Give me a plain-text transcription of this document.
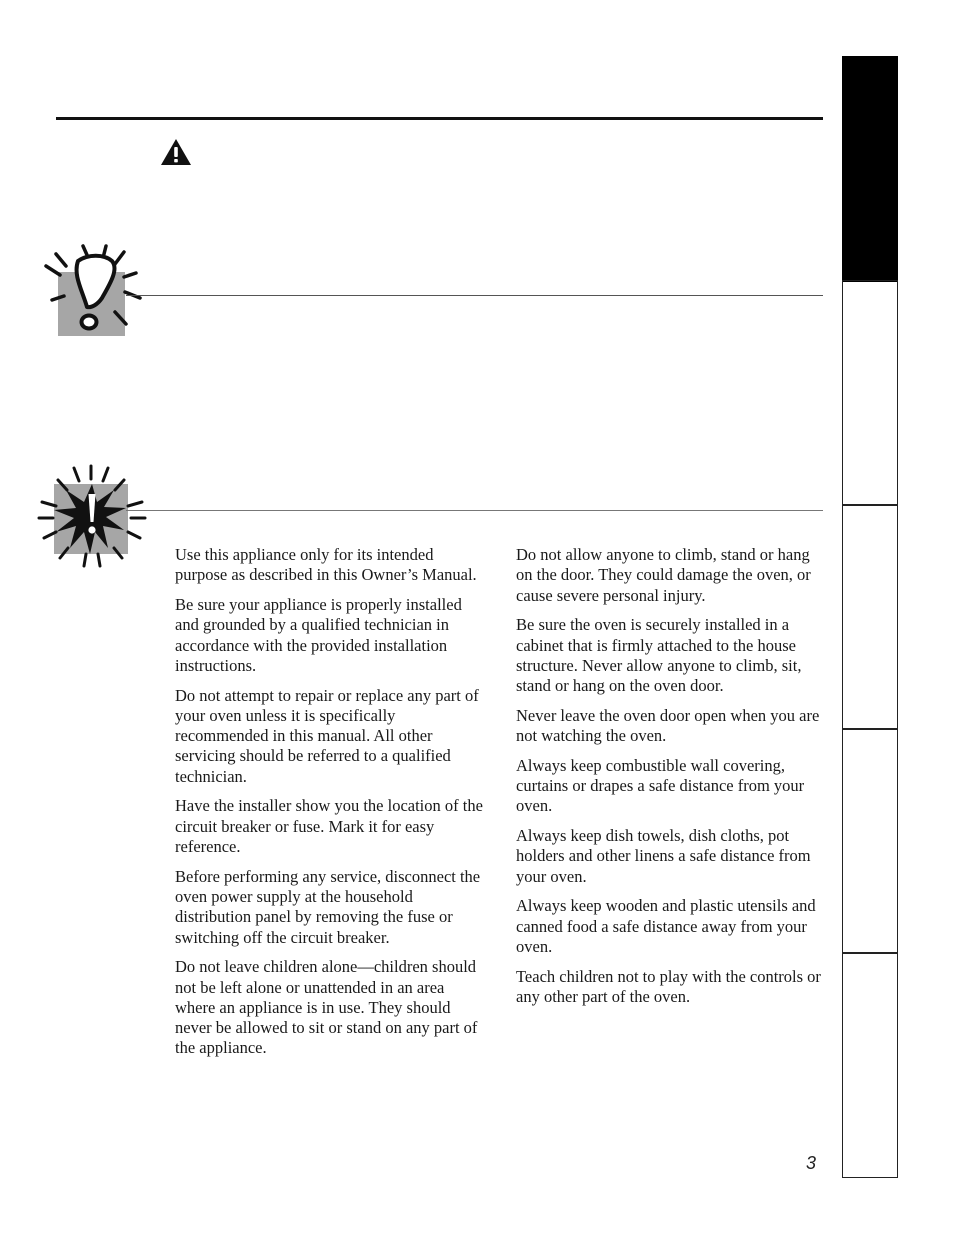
Use this appliance only for its intended purpose as described in this Owner’s Manual.

Be sure your appliance is properly installed and grounded by a qualified technician in accordance with the provided installation instructions.

Do not attempt to repair or replace any part of your oven unless it is specifically recommended in this manual. All other servicing should be referred to a qualified technician.

Have the installer show you the location of the circuit breaker or fuse. Mark it for easy reference.

Before performing any service, disconnect the oven power supply at the household distribution panel by removing the fuse or switching off the circuit breaker.

Do not leave children alone—children should not be left alone or unattended in an area where an appliance is in use. They should never be allowed to sit or stand on any part of the appliance.

Do not allow anyone to climb, stand or hang on the door. They could damage the oven, or cause severe personal injury.

Be sure the oven is securely installed in a cabinet that is firmly attached to the house structure. Never allow anyone to climb, sit, stand or hang on the oven door.

Never leave the oven door open when you are not watching the oven.

Always keep combustible wall covering, curtains or drapes a safe distance from your oven.

Always keep dish towels, dish cloths, pot holders and other linens a safe distance from your oven.

Always keep wooden and plastic utensils and canned food a safe distance away from your oven.

Teach children not to play with the controls or any other part of the oven.

3
